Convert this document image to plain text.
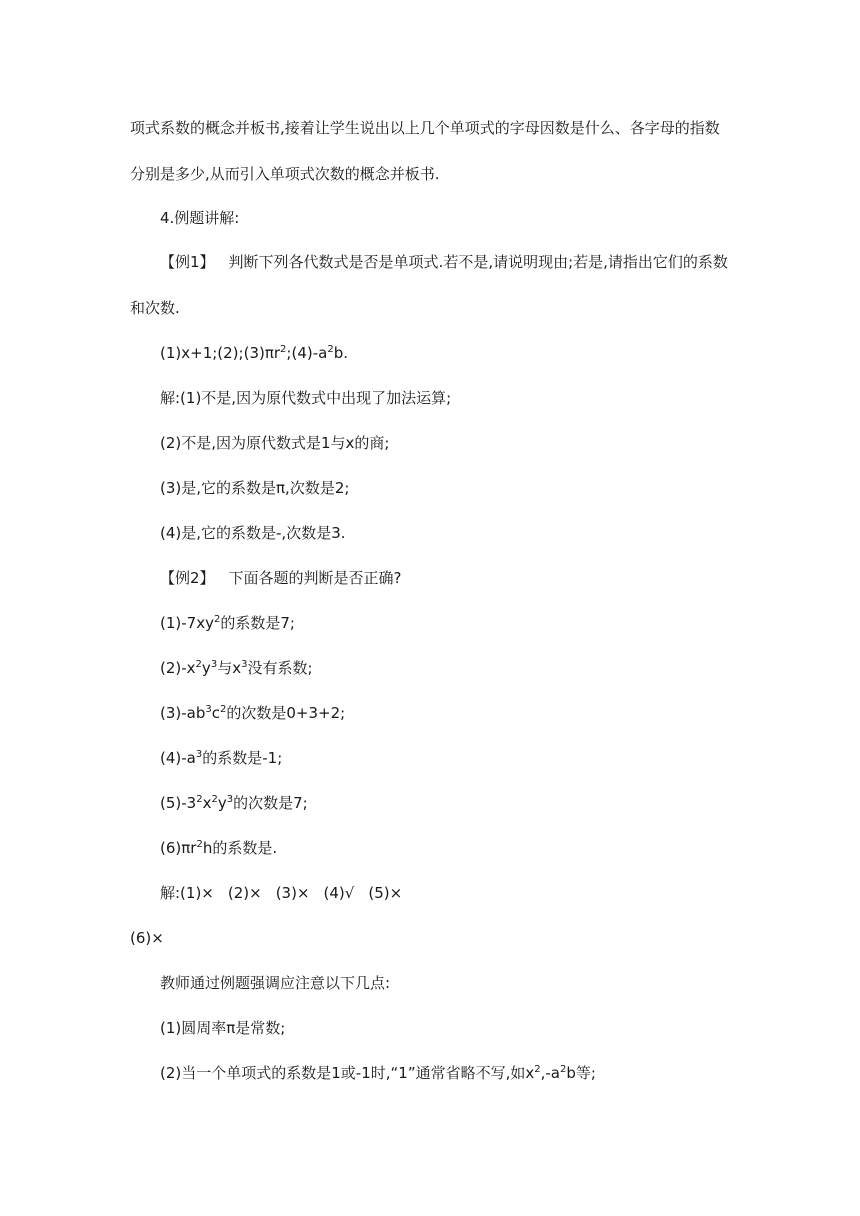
项式系数的概念并板书,接着让学生说出以上几个单项式的字母因数是什么、各字母的指数
分别是多少,从而引入单项式次数的概念并板书.
4.例题讲解:
【例1】 判断下列各代数式是否是单项式.若不是,请说明现由;若是,请指出它们的系数
和次数.
$(1)x+1;(2);(3)\pi r^2;(4)-a^2b$.
解:(1)不是,因为原代数式中出现了加法运算;
(2)不是,因为原代数式是1与x的商;
(3)是,它的系数是π,次数是2;
(4)是,它的系数是-,次数是3.
【例2】 下面各题的判断是否正确?
$(1)-7xy^2$的系数是7;
$(2)-x^2y^3$与$x^3$没有系数;
$(3)-ab^3c^2$的次数是0+3+2;
$(4)-a^3$的系数是-1;
$(5)-3^2x^2y^3$的次数是7;
$(6)\pi r^2h$的系数是.
解:(1)× (2)× (3)× (4)√ (5)×
(6)×
教师通过例题强调应注意以下几点:
(1)圆周率π是常数;
(2)当一个单项式的系数是1或-1时,“1”通常省略不写,如$x^2,-a^2b$等;
